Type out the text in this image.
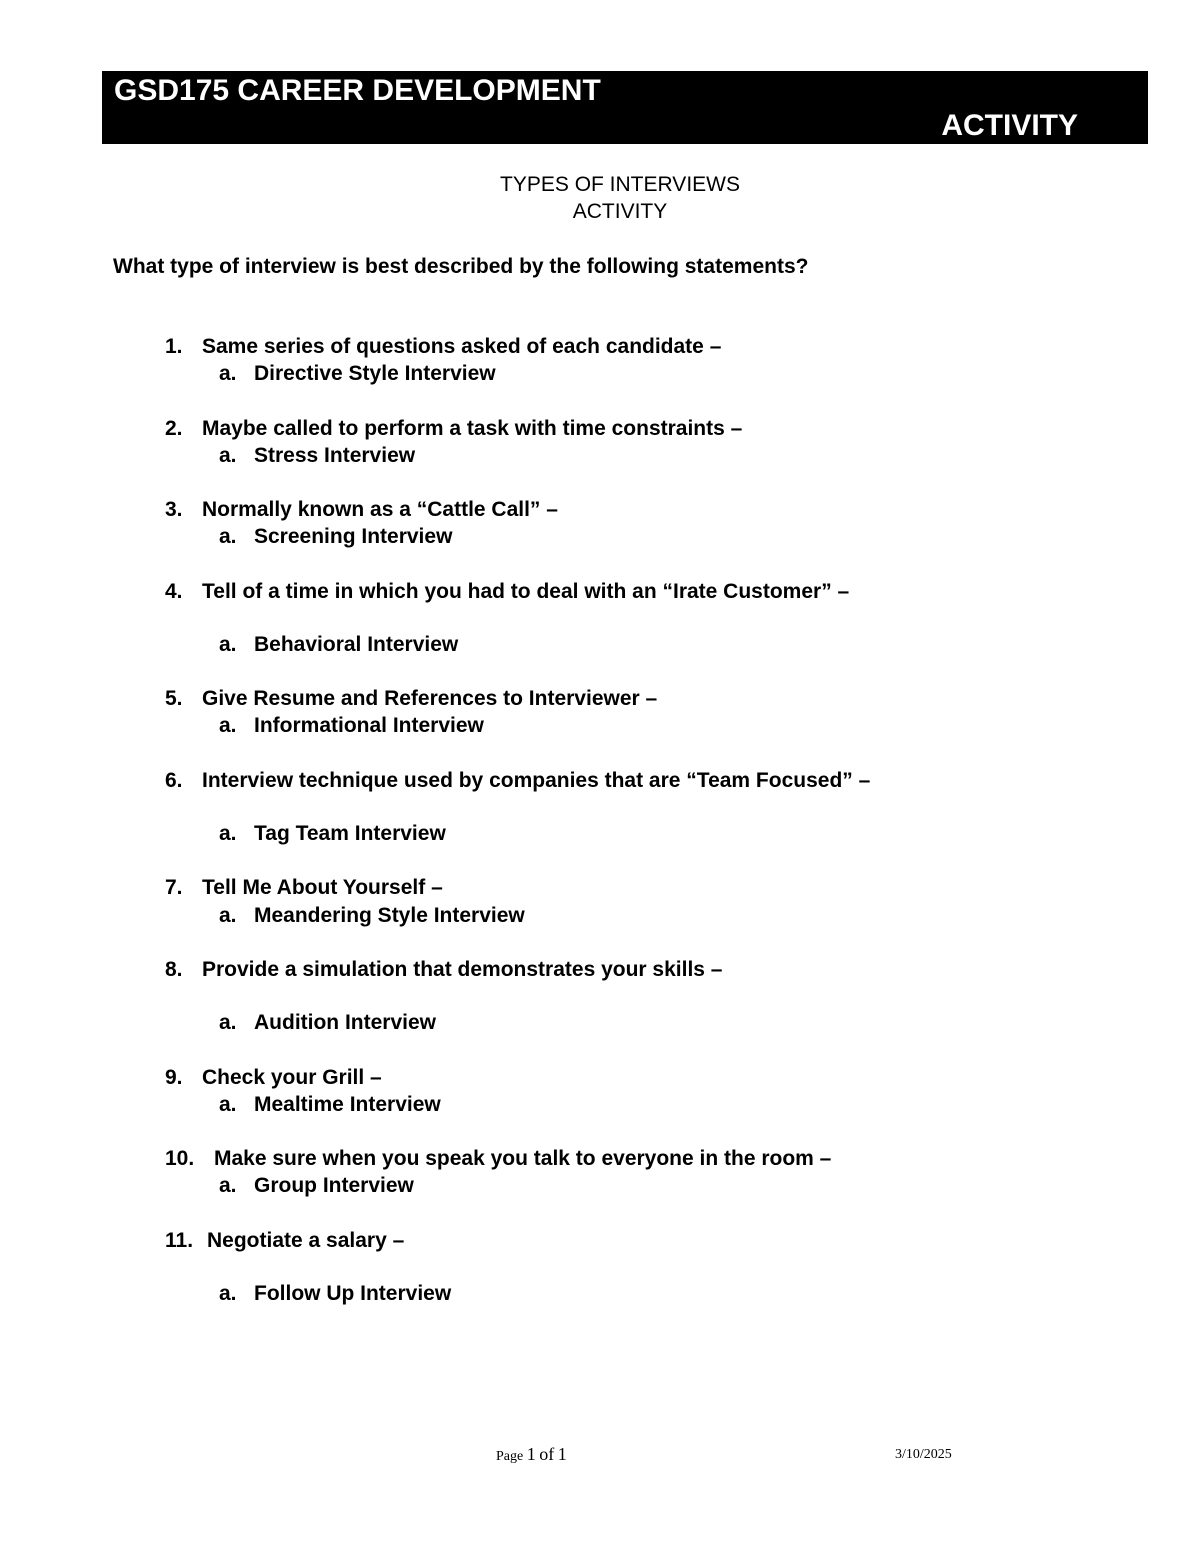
GSD175 CAREER DEVELOPMENT
ACTIVITY
TYPES OF INTERVIEWS
ACTIVITY
What type of interview is best described by the following statements?
1. Same series of questions asked of each candidate –
a. Directive Style Interview
2. Maybe called to perform a task with time constraints –
a. Stress Interview
3. Normally known as a “Cattle Call” –
a. Screening Interview
4. Tell of a time in which you had to deal with an “Irate Customer” –
a. Behavioral Interview
5. Give Resume and References to Interviewer –
a. Informational Interview
6. Interview technique used by companies that are “Team Focused” –
a. Tag Team Interview
7. Tell Me About Yourself –
a. Meandering Style Interview
8. Provide a simulation that demonstrates your skills –
a. Audition Interview
9. Check your Grill –
a. Mealtime Interview
10. Make sure when you speak you talk to everyone in the room –
a. Group Interview
11. Negotiate a salary –
a. Follow Up Interview
Page 1 of 1	3/10/2025
